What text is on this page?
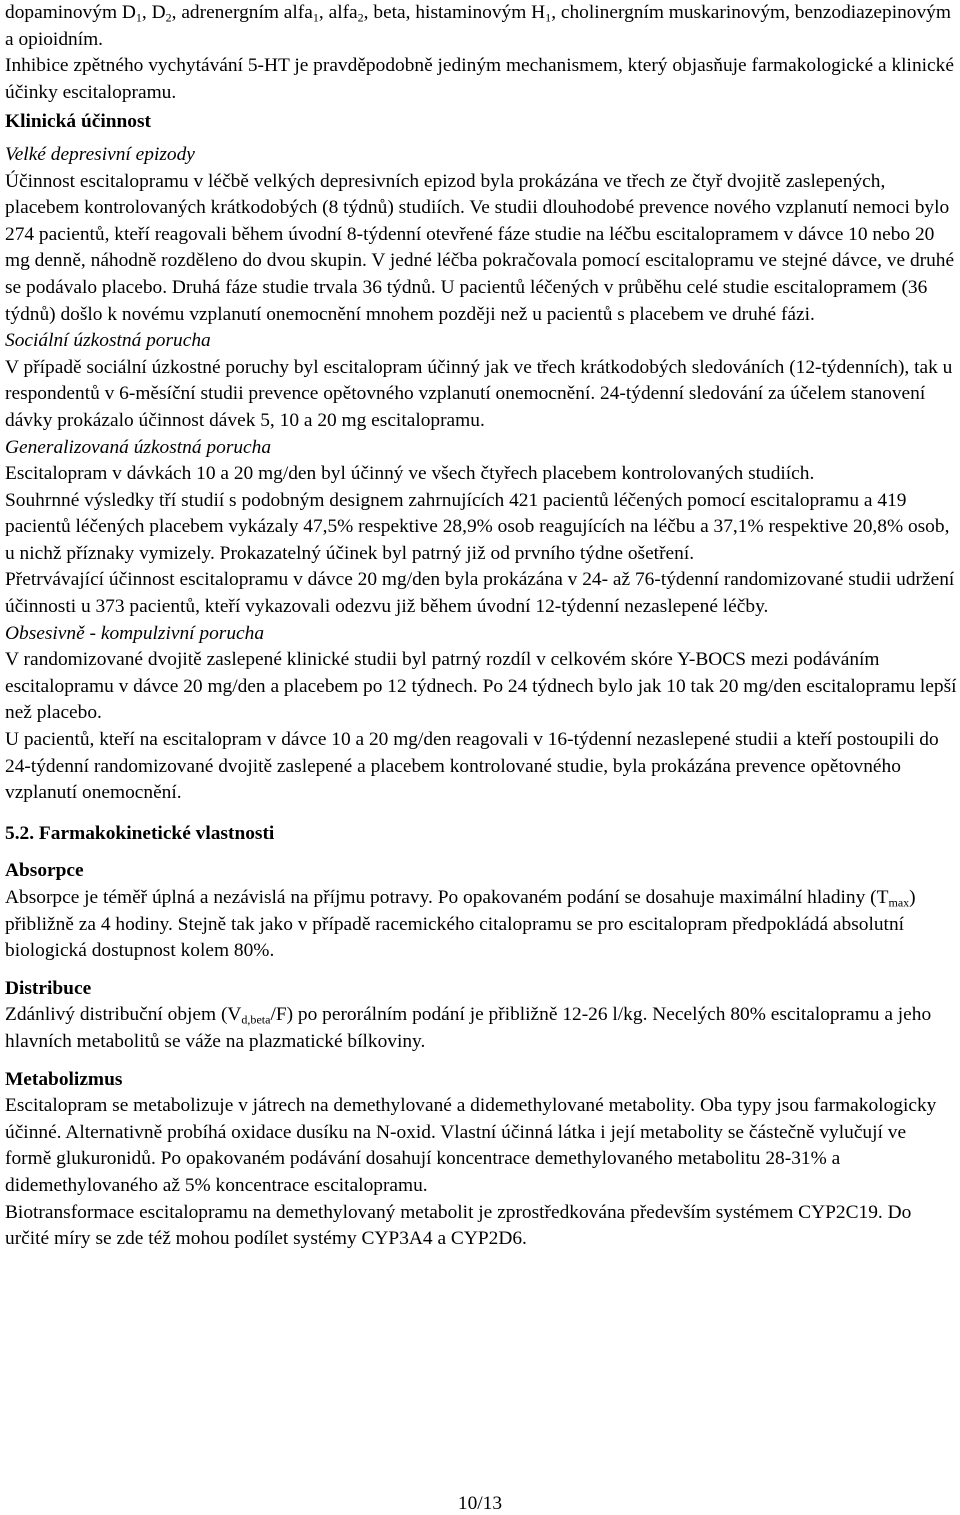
dopaminovým $D_1$, $D_2$, adrenergním alfa$_1$, alfa$_2$, beta, histaminovým $H_1$, cholinergním muskarinovým, benzodiazepinovým a opioidním.

Inhibice zpětného vychytávání 5-HT je pravděpodobně jediným mechanismem, který objasňuje farmakologické a klinické účinky escitalopramu.

Klinická účinnost

Velké depresivní epizody

Účinnost escitalopramu v léčbě velkých depresivních epizod byla prokázána ve třech ze čtyř dvojitě zaslepených, placebem kontrolovaných krátkodobých (8 týdnů) studiích. Ve studii dlouhodobé prevence nového vzplanutí nemoci bylo 274 pacientů, kteří reagovali během úvodní 8-týdenní otevřené fáze studie na léčbu escitalopramem v dávce 10 nebo 20 mg denně, náhodně rozděleno do dvou skupin. V jedné léčba pokračovala pomocí escitalopramu ve stejné dávce, ve druhé se podávalo placebo. Druhá fáze studie trvala 36 týdnů. U pacientů léčených v průběhu celé studie escitalopramem (36 týdnů) došlo k novému vzplanutí onemocnění mnohem později než u pacientů s placebem ve druhé fázi.

Sociální úzkostná porucha

V případě sociální úzkostné poruchy byl escitalopram účinný jak ve třech krátkodobých sledováních (12-týdenních), tak u respondentů v 6-měsíční studii prevence opětovného vzplanutí onemocnění. 24-týdenní sledování za účelem stanovení dávky prokázalo účinnost dávek 5, 10 a 20 mg escitalopramu.

Generalizovaná úzkostná porucha

Escitalopram v dávkách 10 a 20 mg/den byl účinný ve všech čtyřech placebem kontrolovaných studiích.

Souhrnné výsledky tří studií s podobným designem zahrnujících 421 pacientů léčených pomocí escitalopramu a 419 pacientů léčených placebem vykázaly 47,5% respektive 28,9% osob reagujících na léčbu a 37,1% respektive 20,8% osob, u nichž příznaky vymizely. Prokazatelný účinek byl patrný již od prvního týdne ošetření.

Přetrvávající účinnost escitalopramu v dávce 20 mg/den byla prokázána v 24- až 76-týdenní randomizované studii udržení účinnosti u 373 pacientů, kteří vykazovali odezvu již během úvodní 12-týdenní nezaslepené léčby.

Obsesivně - kompulzivní porucha

V randomizované dvojitě zaslepené klinické studii byl patrný rozdíl v celkovém skóre Y-BOCS mezi podáváním escitalopramu v dávce 20 mg/den a placebem po 12 týdnech. Po 24 týdnech bylo jak 10 tak 20 mg/den escitalopramu lepší než placebo.

U pacientů, kteří na escitalopram v dávce 10 a 20 mg/den reagovali v 16-týdenní nezaslepené studii a kteří postoupili do 24-týdenní randomizované dvojitě zaslepené a placebem kontrolované studie, byla prokázána prevence opětovného vzplanutí onemocnění.

5.2. Farmakokinetické vlastnosti

Absorpce

Absorpce je téměř úplná a nezávislá na příjmu potravy. Po opakovaném podání se dosahuje maximální hladiny $(T_{max})$ přibližně za 4 hodiny. Stejně tak jako v případě racemického citalopramu se pro escitalopram předpokládá absolutní biologická dostupnost kolem 80%.

Distribuce

Zdánlivý distribuční objem $(V_{d,beta}/F)$ po perorálním podání je přibližně 12-26 l/kg. Necelých 80% escitalopramu a jeho hlavních metabolitů se váže na plazmatické bílkoviny.

Metabolizmus

Escitalopram se metabolizuje v játrech na demethylované a didemethylované metabolity. Oba typy jsou farmakologicky účinné. Alternativně probíhá oxidace dusíku na N-oxid. Vlastní účinná látka i její metabolity se částečně vylučují ve formě glukuronidů. Po opakovaném podávání dosahují koncentrace demethylovaného metabolitu 28-31% a didemethylovaného až 5% koncentrace escitalopramu.

Biotransformace escitalopramu na demethylovaný metabolit je zprostředkována především systémem CYP2C19. Do určité míry se zde též mohou podílet systémy CYP3A4 a CYP2D6.

10/13
